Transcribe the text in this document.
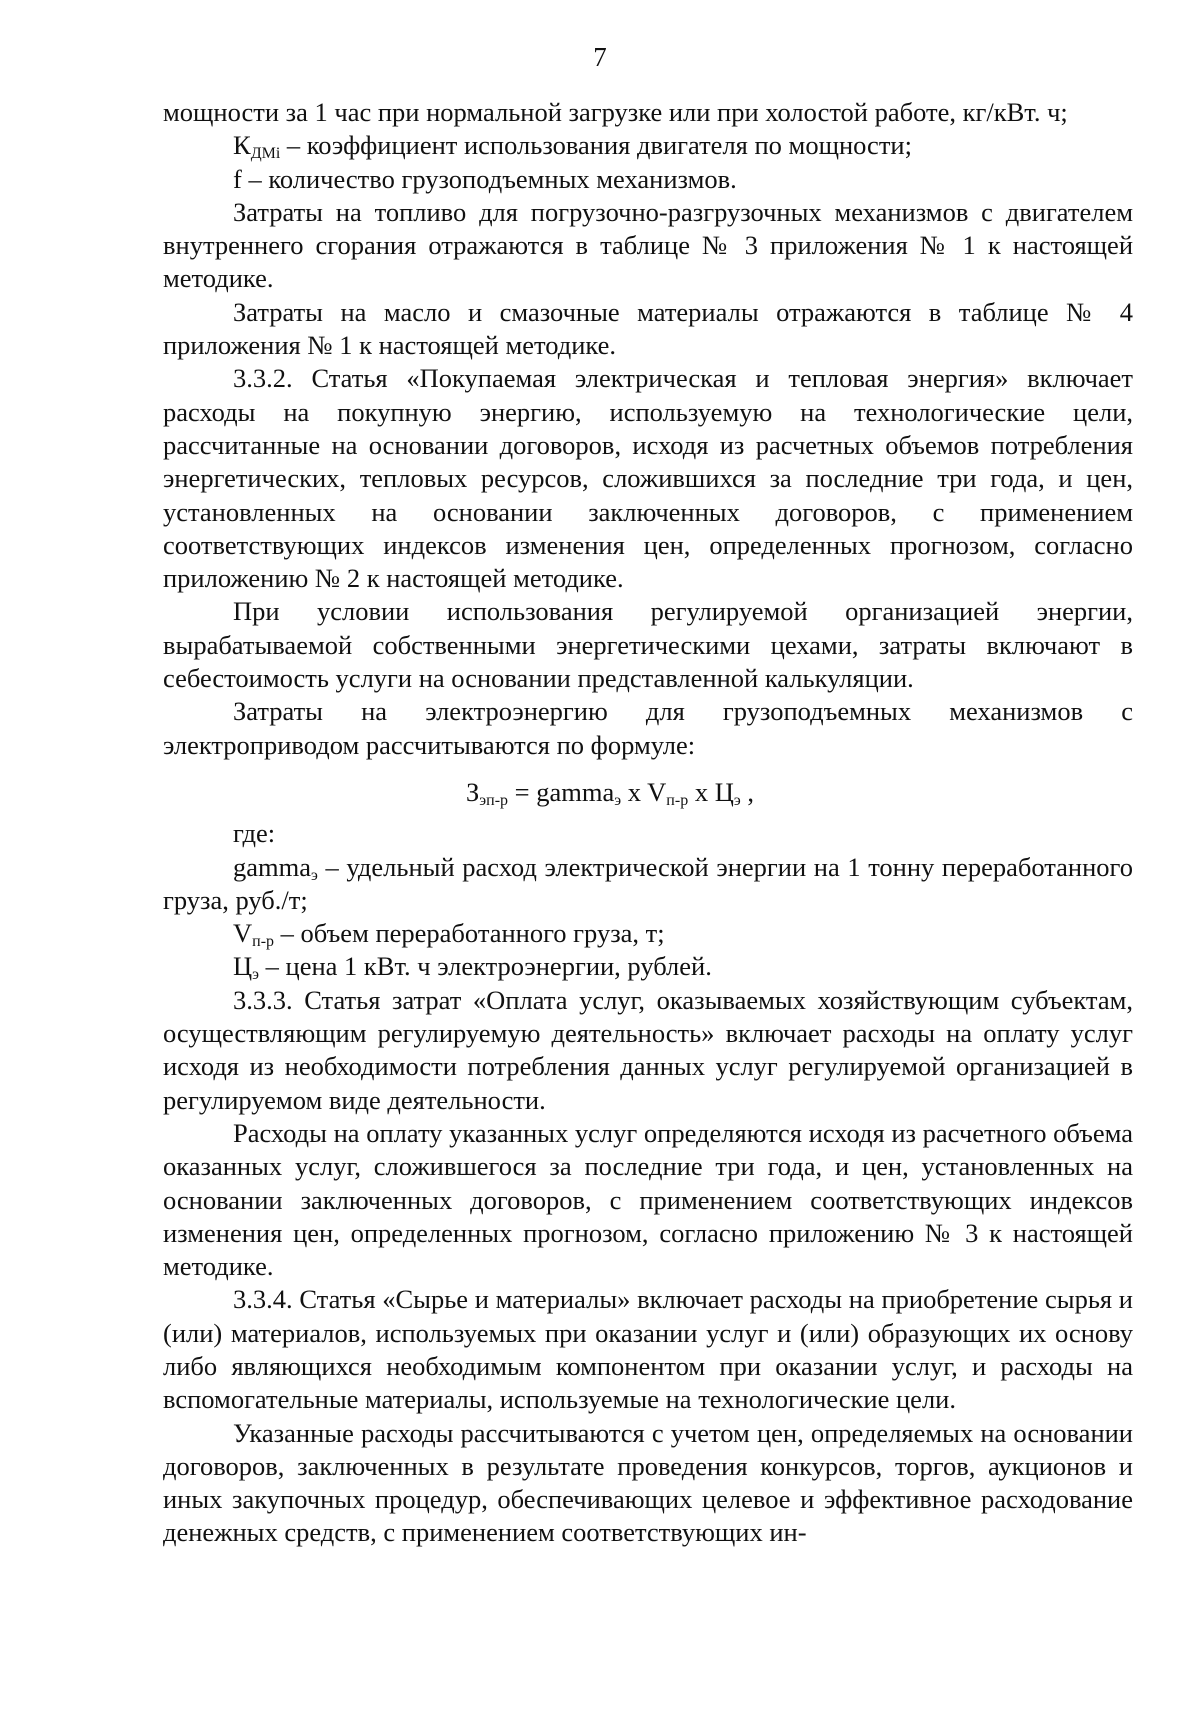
7

мощности за 1 час при нормальной загрузке или при холостой работе, кг/кВт. ч;

$К_{ДМi}$ – коэффициент использования двигателя по мощности;

f – количество грузоподъемных механизмов.

Затраты на топливо для погрузочно-разгрузочных механизмов с двигателем внутреннего сгорания отражаются в таблице № 3 приложения № 1 к настоящей методике.

Затраты на масло и смазочные материалы отражаются в таблице № 4 приложения № 1 к настоящей методике.

3.3.2. Статья «Покупаемая электрическая и тепловая энергия» включает расходы на покупную энергию, используемую на технологические цели, рассчитанные на основании договоров, исходя из расчетных объемов потребления энергетических, тепловых ресурсов, сложившихся за последние три года, и цен, установленных на основании заключенных договоров, с применением соответствующих индексов изменения цен, определенных прогнозом, согласно приложению № 2 к настоящей методике.

При условии использования регулируемой организацией энергии, вырабатываемой собственными энергетическими цехами, затраты включают в себестоимость услуги на основании представленной калькуляции.

Затраты на электроэнергию для грузоподъемных механизмов с электроприводом рассчитываются по формуле:

$З_{эп-р}$ = gamma$_э$ x $V_{п-р}$ x $Ц_э$ ,

где:

gamma$_э$ – удельный расход электрической энергии на 1 тонну переработанного груза, руб./т;

$V_{п-р}$ – объем переработанного груза, т;

$Ц_э$ – цена 1 кВт. ч электроэнергии, рублей.

3.3.3. Статья затрат «Оплата услуг, оказываемых хозяйствующим субъектам, осуществляющим регулируемую деятельность» включает расходы на оплату услуг исходя из необходимости потребления данных услуг регулируемой организацией в регулируемом виде деятельности.

Расходы на оплату указанных услуг определяются исходя из расчетного объема оказанных услуг, сложившегося за последние три года, и цен, установленных на основании заключенных договоров, с применением соответствующих индексов изменения цен, определенных прогнозом, согласно приложению № 3 к настоящей методике.

3.3.4. Статья «Сырье и материалы» включает расходы на приобретение сырья и (или) материалов, используемых при оказании услуг и (или) образующих их основу либо являющихся необходимым компонентом при оказании услуг, и расходы на вспомогательные материалы, используемые на технологические цели.

Указанные расходы рассчитываются с учетом цен, определяемых на основании договоров, заключенных в результате проведения конкурсов, торгов, аукционов и иных закупочных процедур, обеспечивающих целевое и эффективное расходование денежных средств, с применением соответствующих ин-
